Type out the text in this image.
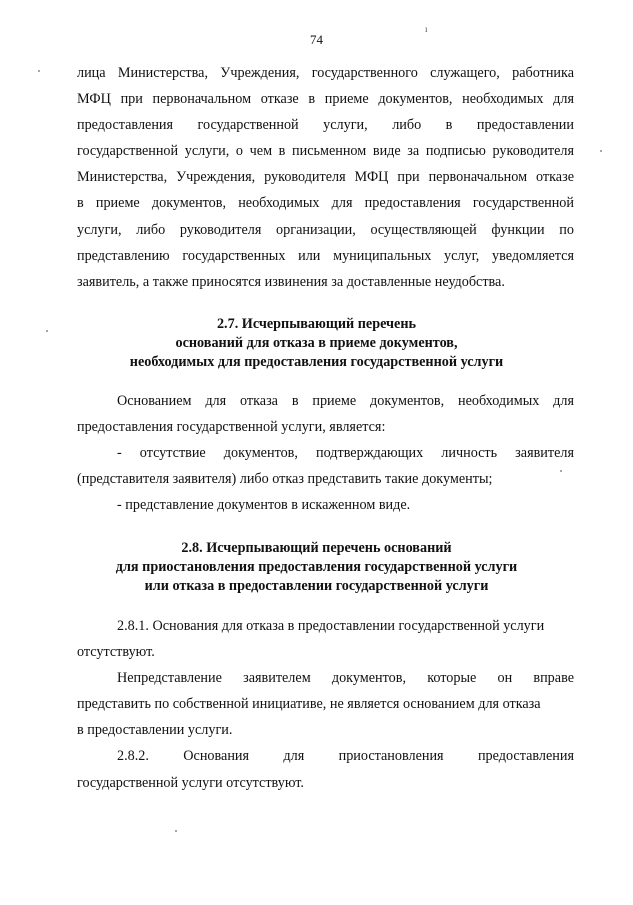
74
ı
лица Министерства, Учреждения, государственного служащего, работника
МФЦ при первоначальном отказе в приеме документов, необходимых для
предоставления государственной услуги, либо в предоставлении
государственной услуги, о чем в письменном виде за подписью руководителя
Министерства, Учреждения, руководителя МФЦ при первоначальном отказе
в приеме документов, необходимых для предоставления государственной
услуги, либо руководителя организации, осуществляющей функции по
представлению государственных или муниципальных услуг, уведомляется
заявитель, а также приносятся извинения за доставленные неудобства.
2.7. Исчерпывающий перечень
оснований для отказа в приеме документов,
необходимых для предоставления государственной услуги
Основанием для отказа в приеме документов, необходимых для
предоставления государственной услуги, является:
- отсутствие документов, подтверждающих личность заявителя
(представителя заявителя) либо отказ представить такие документы;
- представление документов в искаженном виде.
2.8. Исчерпывающий перечень оснований
для приостановления предоставления государственной услуги
или отказа в предоставлении государственной услуги
2.8.1. Основания для отказа в предоставлении государственной услуги
отсутствуют.
Непредставление заявителем документов, которые он вправе
представить по собственной инициативе, не является основанием для отказа
в предоставлении услуги.
2.8.2. Основания для приостановления предоставления
государственной услуги отсутствуют.
